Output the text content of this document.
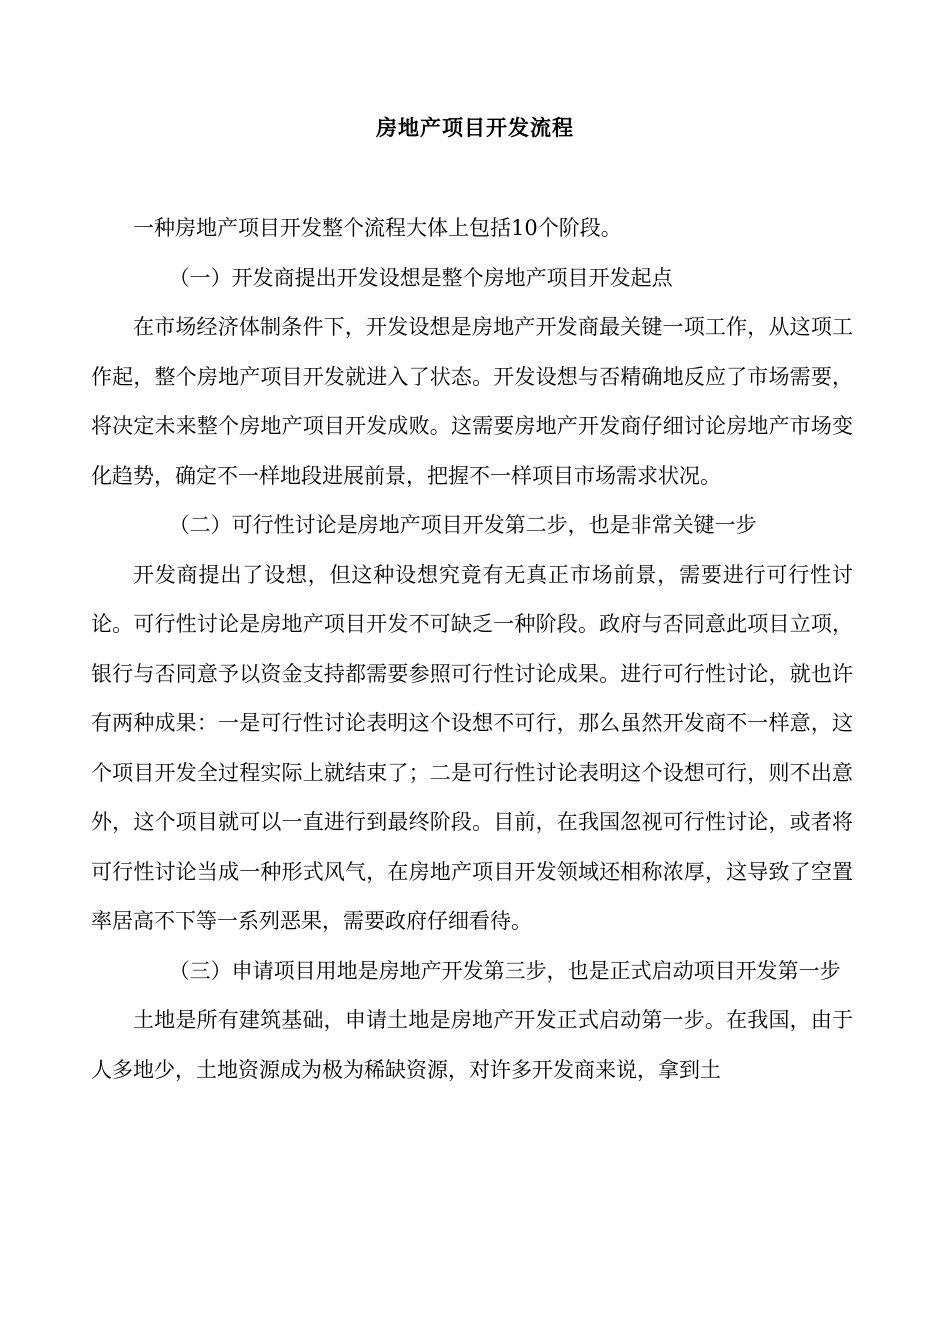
房地产项目开发流程

一种房地产项目开发整个流程大体上包括10个阶段。

（一）开发商提出开发设想是整个房地产项目开发起点

在市场经济体制条件下，开发设想是房地产开发商最关键一项工作，从这项工作起，整个房地产项目开发就进入了状态。开发设想与否精确地反应了市场需要，将决定未来整个房地产项目开发成败。这需要房地产开发商仔细讨论房地产市场变化趋势，确定不一样地段进展前景，把握不一样项目市场需求状况。

（二）可行性讨论是房地产项目开发第二步，也是非常关键一步

开发商提出了设想，但这种设想究竟有无真正市场前景，需要进行可行性讨论。可行性讨论是房地产项目开发不可缺乏一种阶段。政府与否同意此项目立项，银行与否同意予以资金支持都需要参照可行性讨论成果。进行可行性讨论，就也许有两种成果：一是可行性讨论表明这个设想不可行，那么虽然开发商不一样意，这个项目开发全过程实际上就结束了；二是可行性讨论表明这个设想可行，则不出意外，这个项目就可以一直进行到最终阶段。目前，在我国忽视可行性讨论，或者将可行性讨论当成一种形式风气，在房地产项目开发领域还相称浓厚，这导致了空置率居高不下等一系列恶果，需要政府仔细看待。

（三）申请项目用地是房地产开发第三步，也是正式启动项目开发第一步

土地是所有建筑基础，申请土地是房地产开发正式启动第一步。在我国，由于人多地少，土地资源成为极为稀缺资源，对许多开发商来说，拿到土
